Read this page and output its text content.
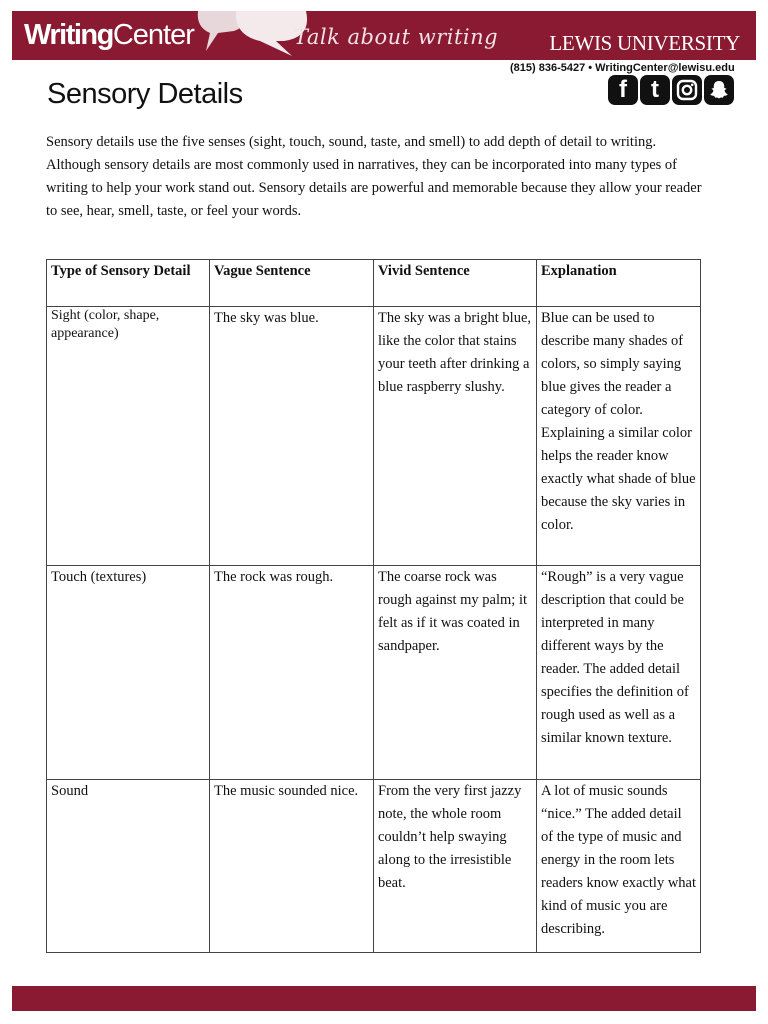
WritingCenter	Talk about writing LEWIS UNIVERSITY
(815) 836-5427 • WritingCenter@lewisu.edu
f t
Sensory Details

Sensory details use the five senses (sight, touch, sound, taste, and smell) to add depth of detail to writing. Although sensory details are most commonly used in narratives, they can be incorporated into many types of writing to help your work stand out. Sensory details are powerful and memorable because they allow your reader to see, hear, smell, taste, or feel your words.

Type of Sensory Detail	Vague Sentence	Vivid Sentence	Explanation
Sight (color, shape, appearance)	The sky was blue.	The sky was a bright blue, like the color that stains your teeth after drinking a blue raspberry slushy.	Blue can be used to describe many shades of colors, so simply saying blue gives the reader a category of color. Explaining a similar color helps the reader know exactly what shade of blue because the sky varies in color.
Touch (textures)	The rock was rough.	The coarse rock was rough against my palm; it felt as if it was coated in sandpaper.	“Rough” is a very vague description that could be interpreted in many different ways by the reader. The added detail specifies the definition of rough used as well as a similar known texture.
Sound	The music sounded nice.	From the very first jazzy note, the whole room couldn’t help swaying along to the irresistible beat.	A lot of music sounds “nice.” The added detail of the type of music and energy in the room lets readers know exactly what kind of music you are describing.
